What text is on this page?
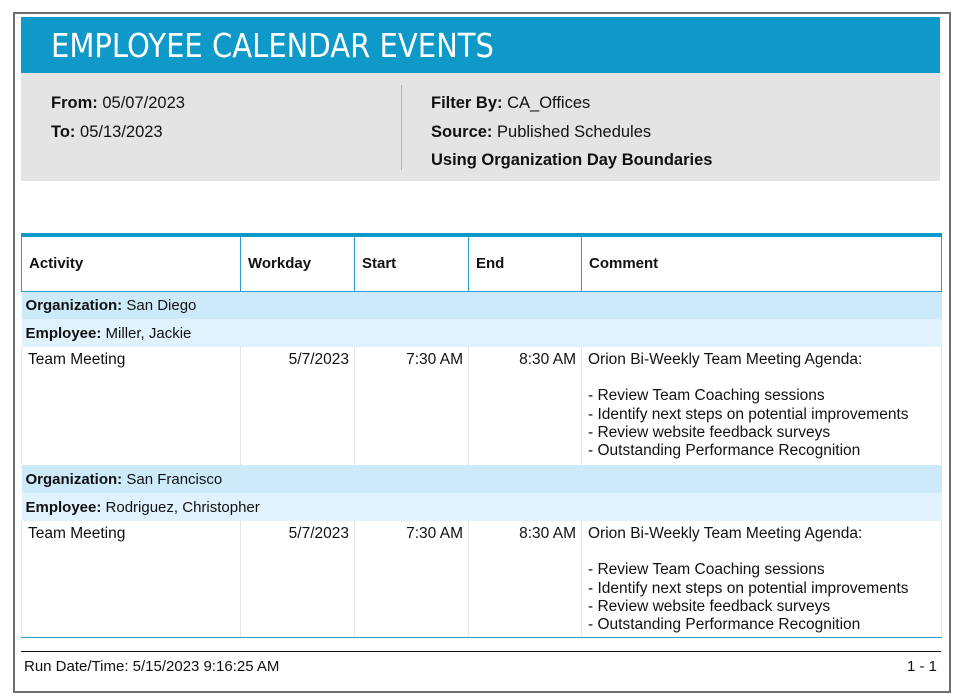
EMPLOYEE CALENDAR EVENTS
From: 05/07/2023
To: 05/13/2023
Filter By: CA_Offices
Source: Published Schedules
Using Organization Day Boundaries
Activity	Workday	Start	End	Comment
Organization: San Diego				
Employee: Miller, Jackie				
Team Meeting	5/7/2023	7:30 AM	8:30 AM	Orion Bi-Weekly Team Meeting Agenda:
- Review Team Coaching sessions
- Identify next steps on potential improvements
- Review website feedback surveys
- Outstanding Performance Recognition

Organization: San Francisco				
Employee: Rodriguez, Christopher				
Team Meeting	5/7/2023	7:30 AM	8:30 AM	Orion Bi-Weekly Team Meeting Agenda:
- Review Team Coaching sessions
- Identify next steps on potential improvements
- Review website feedback surveys
- Outstanding Performance Recognition
Run Date/Time: 5/15/2023 9:16:25 AM	1 - 1
